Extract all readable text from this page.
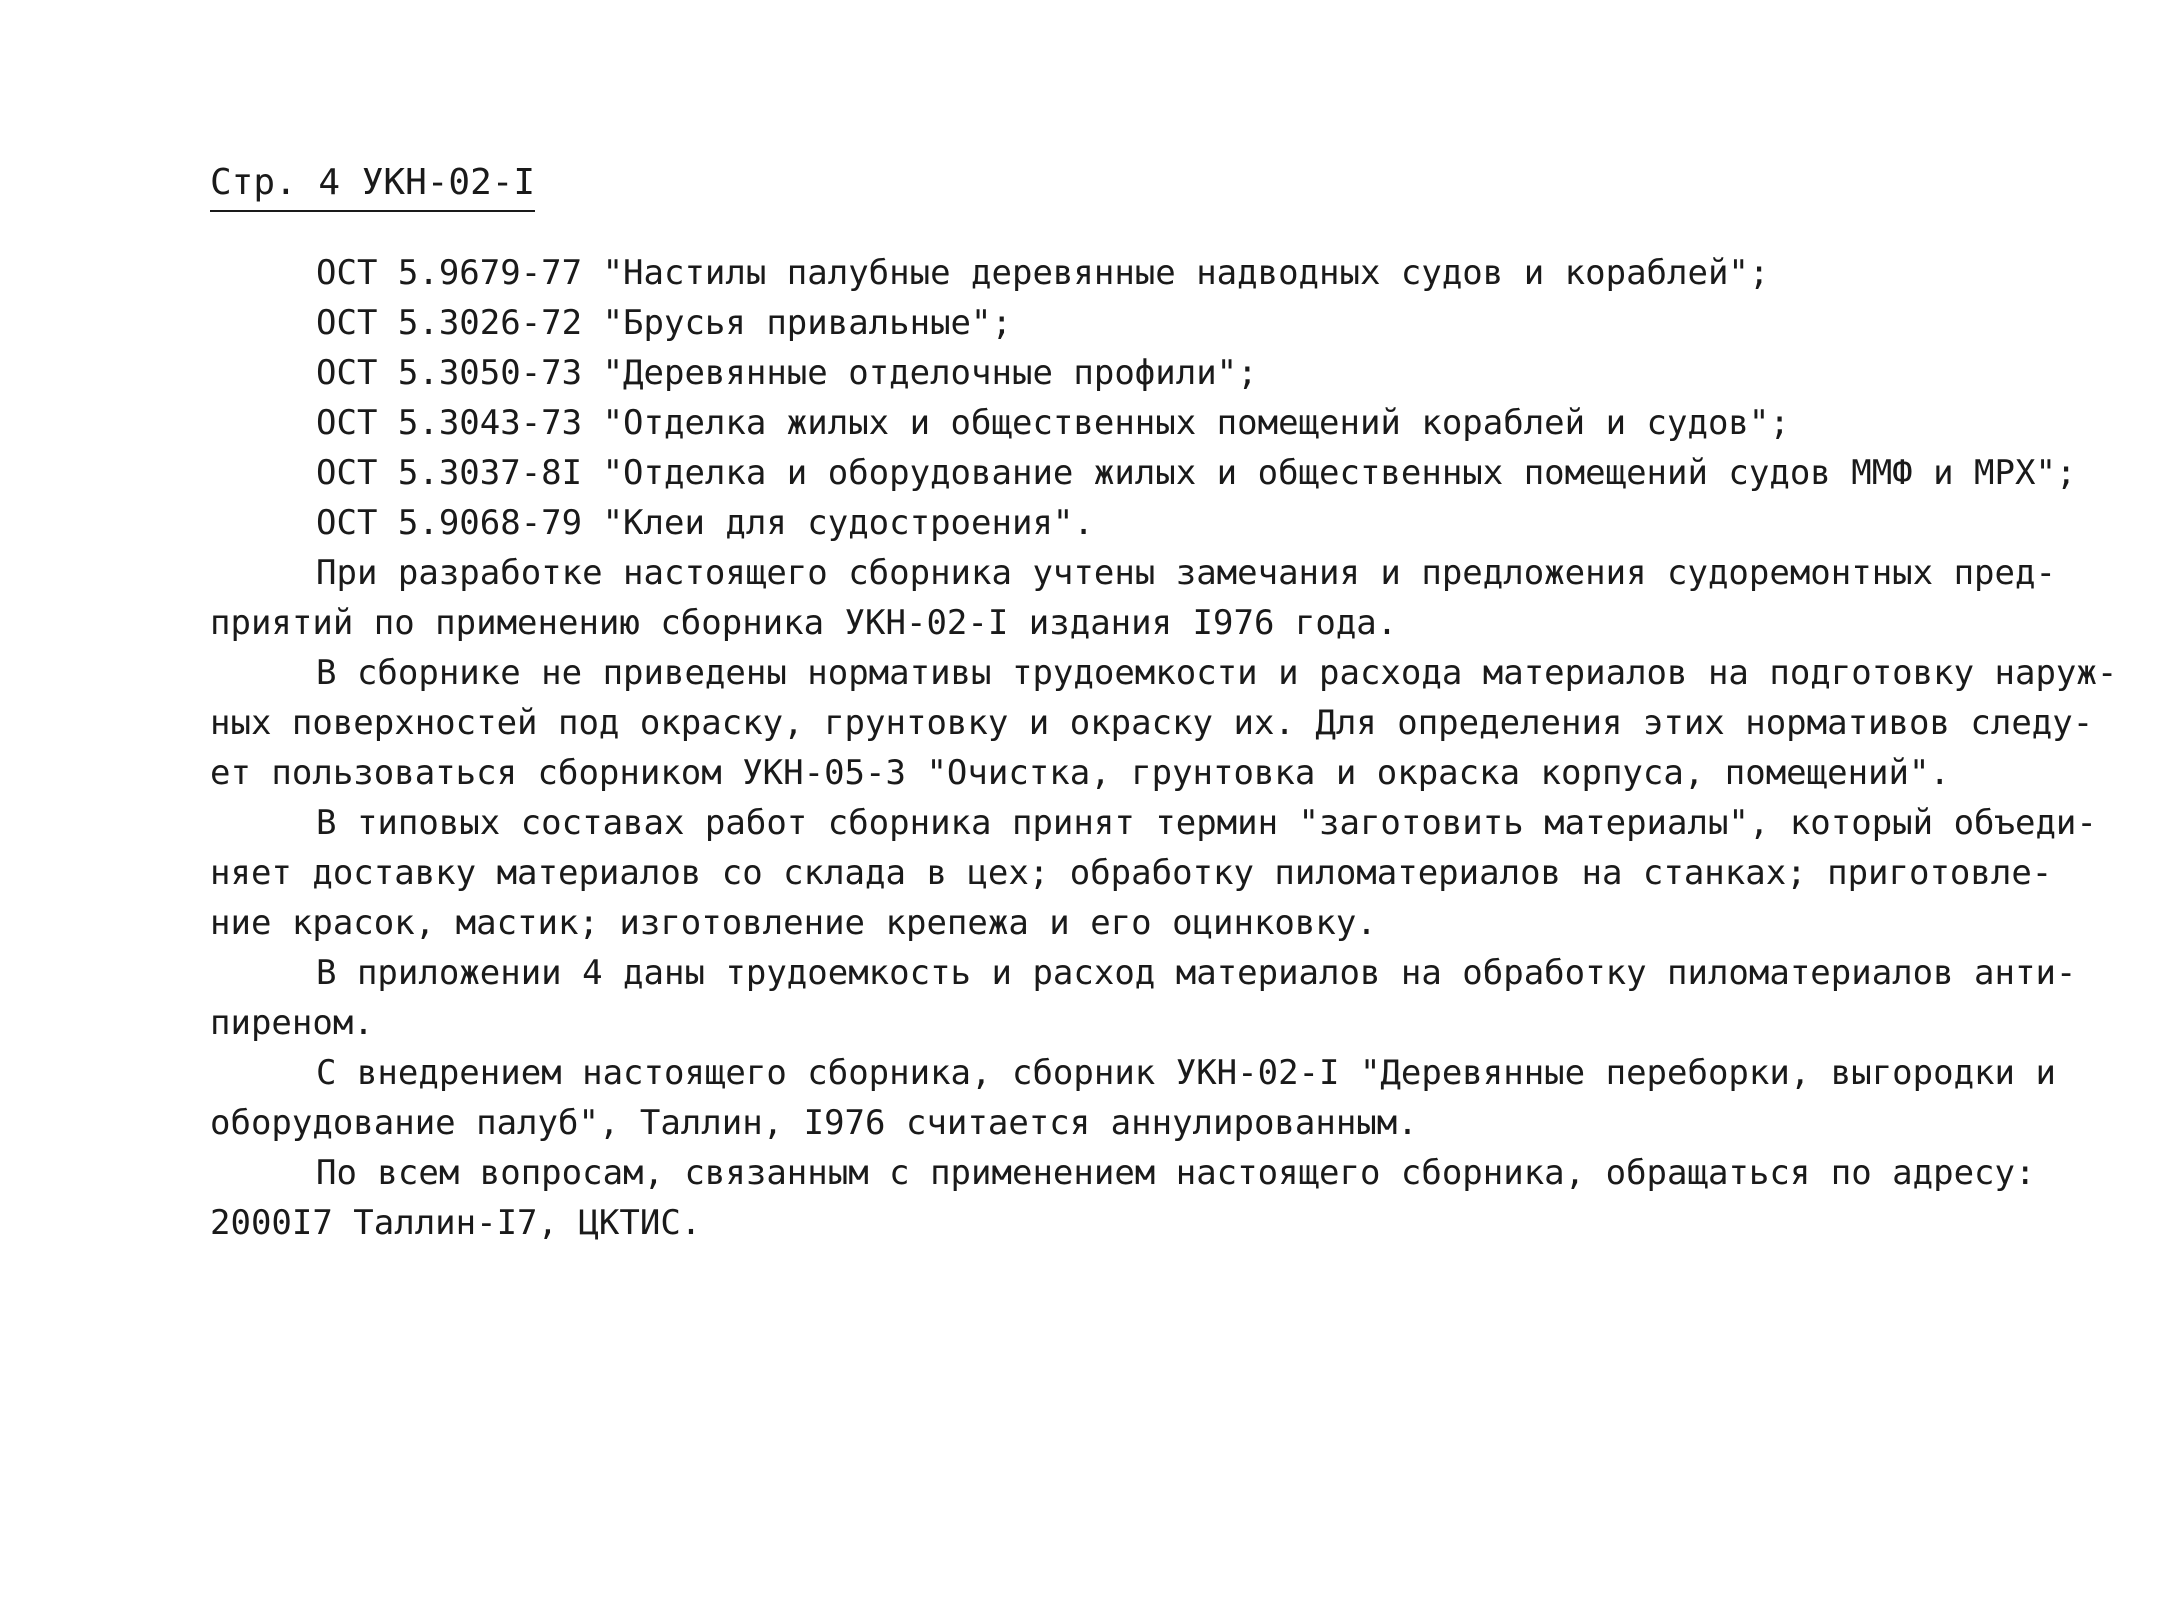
Стр. 4 УКН-02-I
ОСТ 5.9679-77 "Настилы палубные деревянные надводных судов и кораблей";
ОСТ 5.3026-72 "Брусья привальные";
ОСТ 5.3050-73 "Деревянные отделочные профили";
ОСТ 5.3043-73 "Отделка жилых и общественных помещений кораблей и судов";
ОСТ 5.3037-8I "Отделка и оборудование жилых и общественных помещений судов ММФ и МРХ";
ОСТ 5.9068-79 "Клеи для судостроения".
При разработке настоящего сборника учтены замечания и предложения судоремонтных пред-
приятий по применению сборника УКН-02-I издания I976 года.
В сборнике не приведены нормативы трудоемкости и расхода материалов на подготовку наруж-
ных поверхностей под окраску, грунтовку и окраску их. Для определения этих нормативов следу-
ет пользоваться сборником УКН-05-3 "Очистка, грунтовка и окраска корпуса, помещений".
В типовых составах работ сборника принят термин "заготовить материалы", который объеди-
няет доставку материалов со склада в цех; обработку пиломатериалов на станках; приготовле-
ние красок, мастик; изготовление крепежа и его оцинковку.
В приложении 4 даны трудоемкость и расход материалов на обработку пиломатериалов анти-
пиреном.
С внедрением настоящего сборника, сборник УКН-02-I "Деревянные переборки, выгородки и
оборудование палуб", Таллин, I976 считается аннулированным.
По всем вопросам, связанным с применением настоящего сборника, обращаться по адресу:
2000I7 Таллин-I7, ЦКТИС.
